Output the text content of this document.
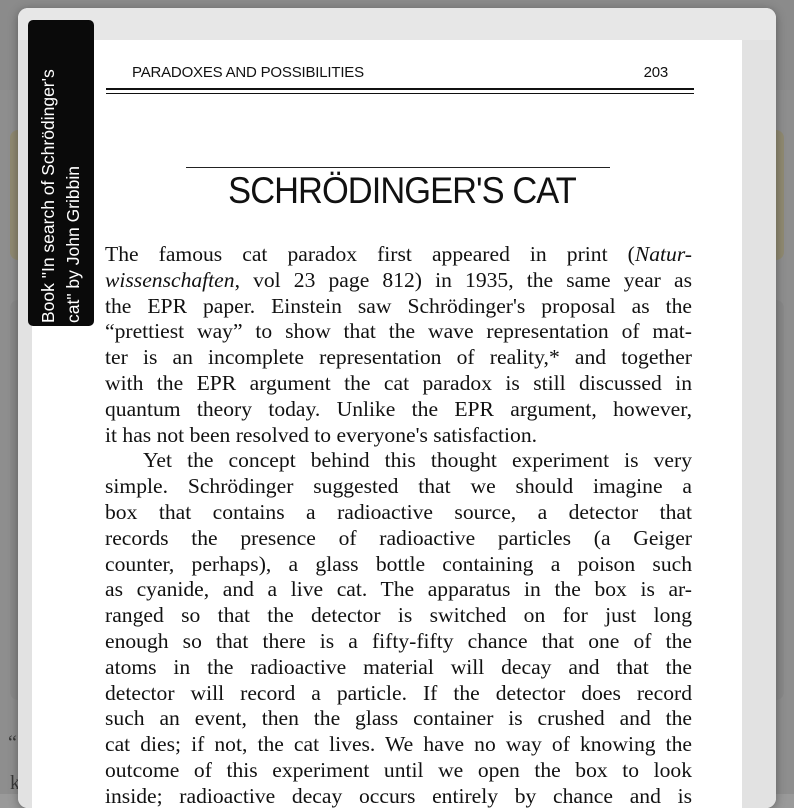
PARADOXES AND POSSIBILITIES	203
SCHRÖDINGER'S CAT
The famous cat paradox first appeared in print (Natur-
wissenschaften, vol 23 page 812) in 1935, the same year as
the EPR paper. Einstein saw Schrödinger's proposal as the
“prettiest way” to show that the wave representation of mat-
ter is an incomplete representation of reality,* and together
with the EPR argument the cat paradox is still discussed in
quantum theory today. Unlike the EPR argument, however,
it has not been resolved to everyone's satisfaction.
Yet the concept behind this thought experiment is very
simple. Schrödinger suggested that we should imagine a
box that contains a radioactive source, a detector that
records the presence of radioactive particles (a Geiger
counter, perhaps), a glass bottle containing a poison such
as cyanide, and a live cat. The apparatus in the box is ar-
ranged so that the detector is switched on for just long
enough so that there is a fifty-fifty chance that one of the
atoms in the radioactive material will decay and that the
detector will record a particle. If the detector does record
such an event, then the glass container is crushed and the
cat dies; if not, the cat lives. We have no way of knowing the
outcome of this experiment until we open the box to look
inside; radioactive decay occurs entirely by chance and is
Book "In search of Schrödinger's cat" by John Gribbin
